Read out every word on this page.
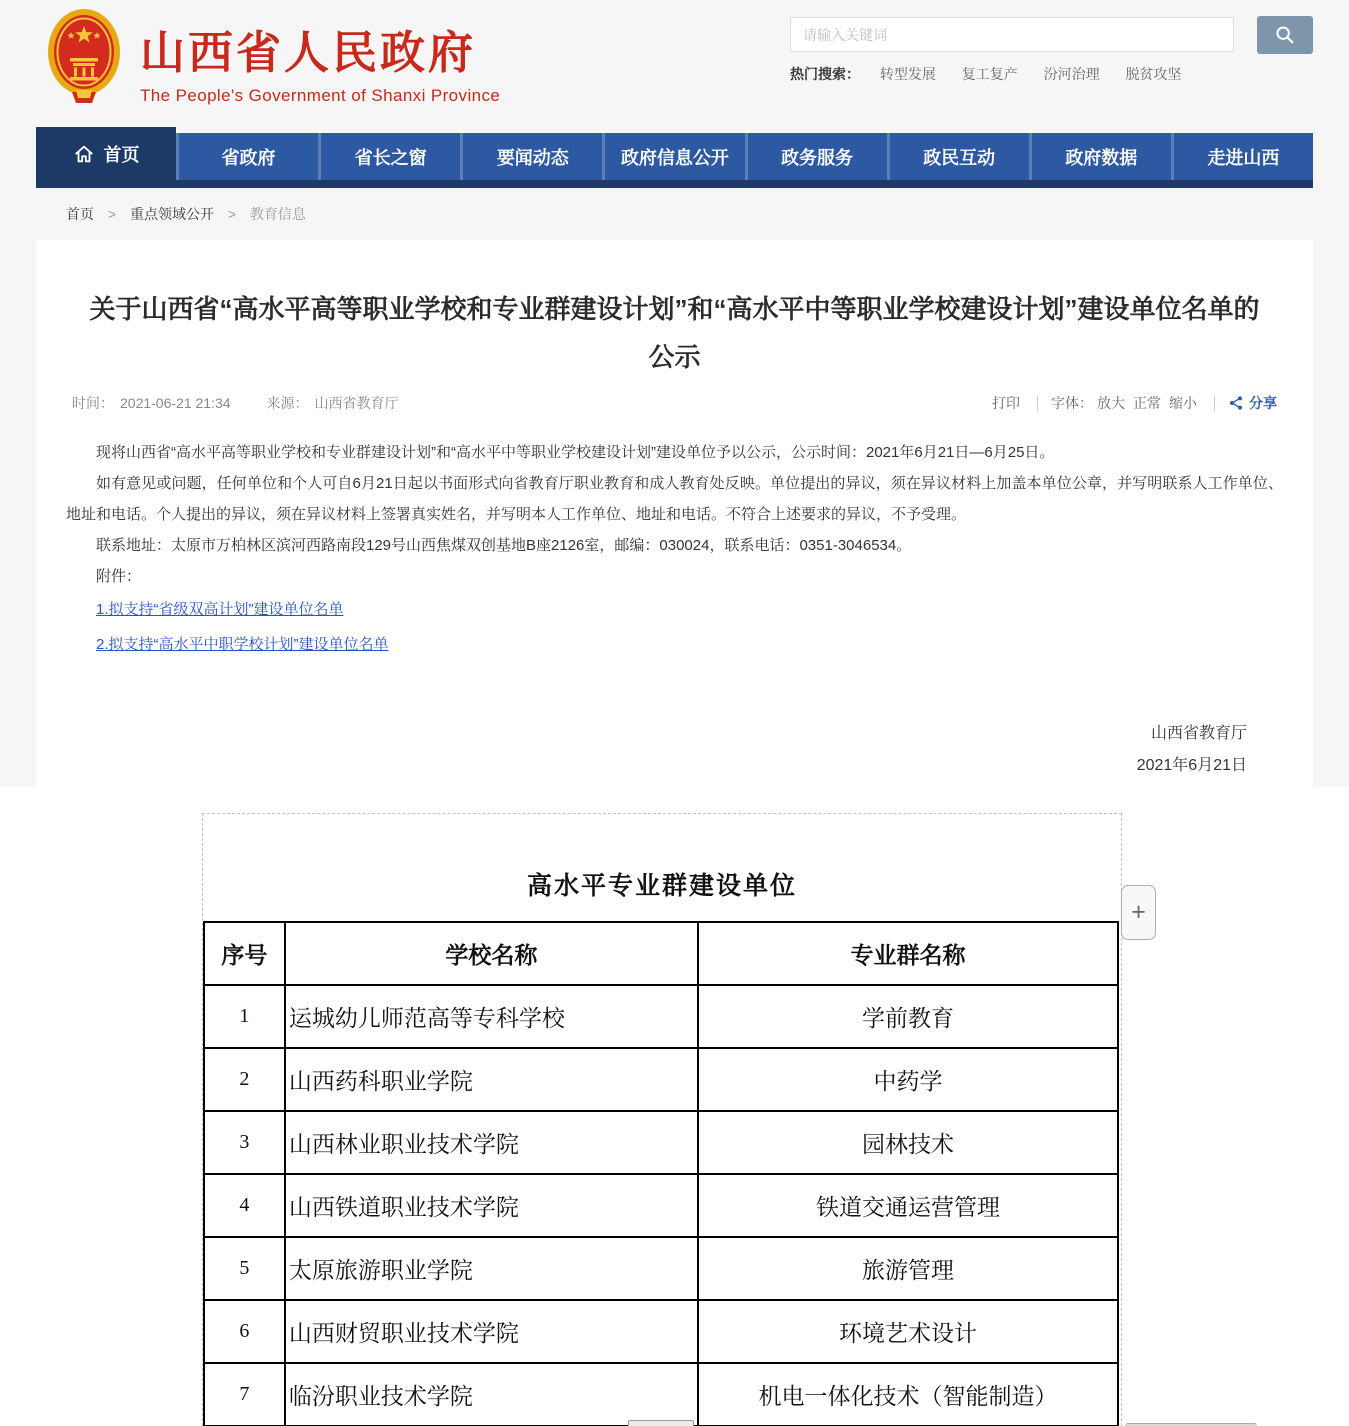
山西省人民政府
The People's Government of Shanxi Province
请输入关键词
热门搜索： 转型发展 复工复产 汾河治理 脱贫攻坚
首页	省政府	省长之窗	要闻动态	政府信息公开	政务服务	政民互动	政府数据	走进山西
首页 > 重点领域公开 > 教育信息
关于山西省“高水平高等职业学校和专业群建设计划”和“高水平中等职业学校建设计划”建设单位名单的公示
时间： 2021-06-21 21:34	来源： 山西省教育厅	打印 字体： 放大 正常 缩小	分享

现将山西省“高水平高等职业学校和专业群建设计划”和“高水平中等职业学校建设计划”建设单位予以公示，公示时间：2021年6月21日—6月25日。

如有意见或问题，任何单位和个人可自6月21日起以书面形式向省教育厅职业教育和成人教育处反映。单位提出的异议，须在异议材料上加盖本单位公章，并写明联系人工作单位、地址和电话。个人提出的异议，须在异议材料上签署真实姓名，并写明本人工作单位、地址和电话。不符合上述要求的异议，不予受理。

联系地址：太原市万柏林区滨河西路南段129号山西焦煤双创基地B座2126室，邮编：030024，联系电话：0351-3046534。

附件：

1.拟支持“省级双高计划”建设单位名单
2.拟支持“高水平中职学校计划”建设单位名单
山西省教育厅
2021年6月21日
高水平专业群建设单位
序号	学校名称	专业群名称
1	运城幼儿师范高等专科学校	学前教育
2	山西药科职业学院	中药学
3	山西林业职业技术学院	园林技术
4	山西铁道职业技术学院	铁道交通运营管理
5	太原旅游职业学院	旅游管理
6	山西财贸职业技术学院	环境艺术设计
7	临汾职业技术学院	机电一体化技术（智能制造）
+
